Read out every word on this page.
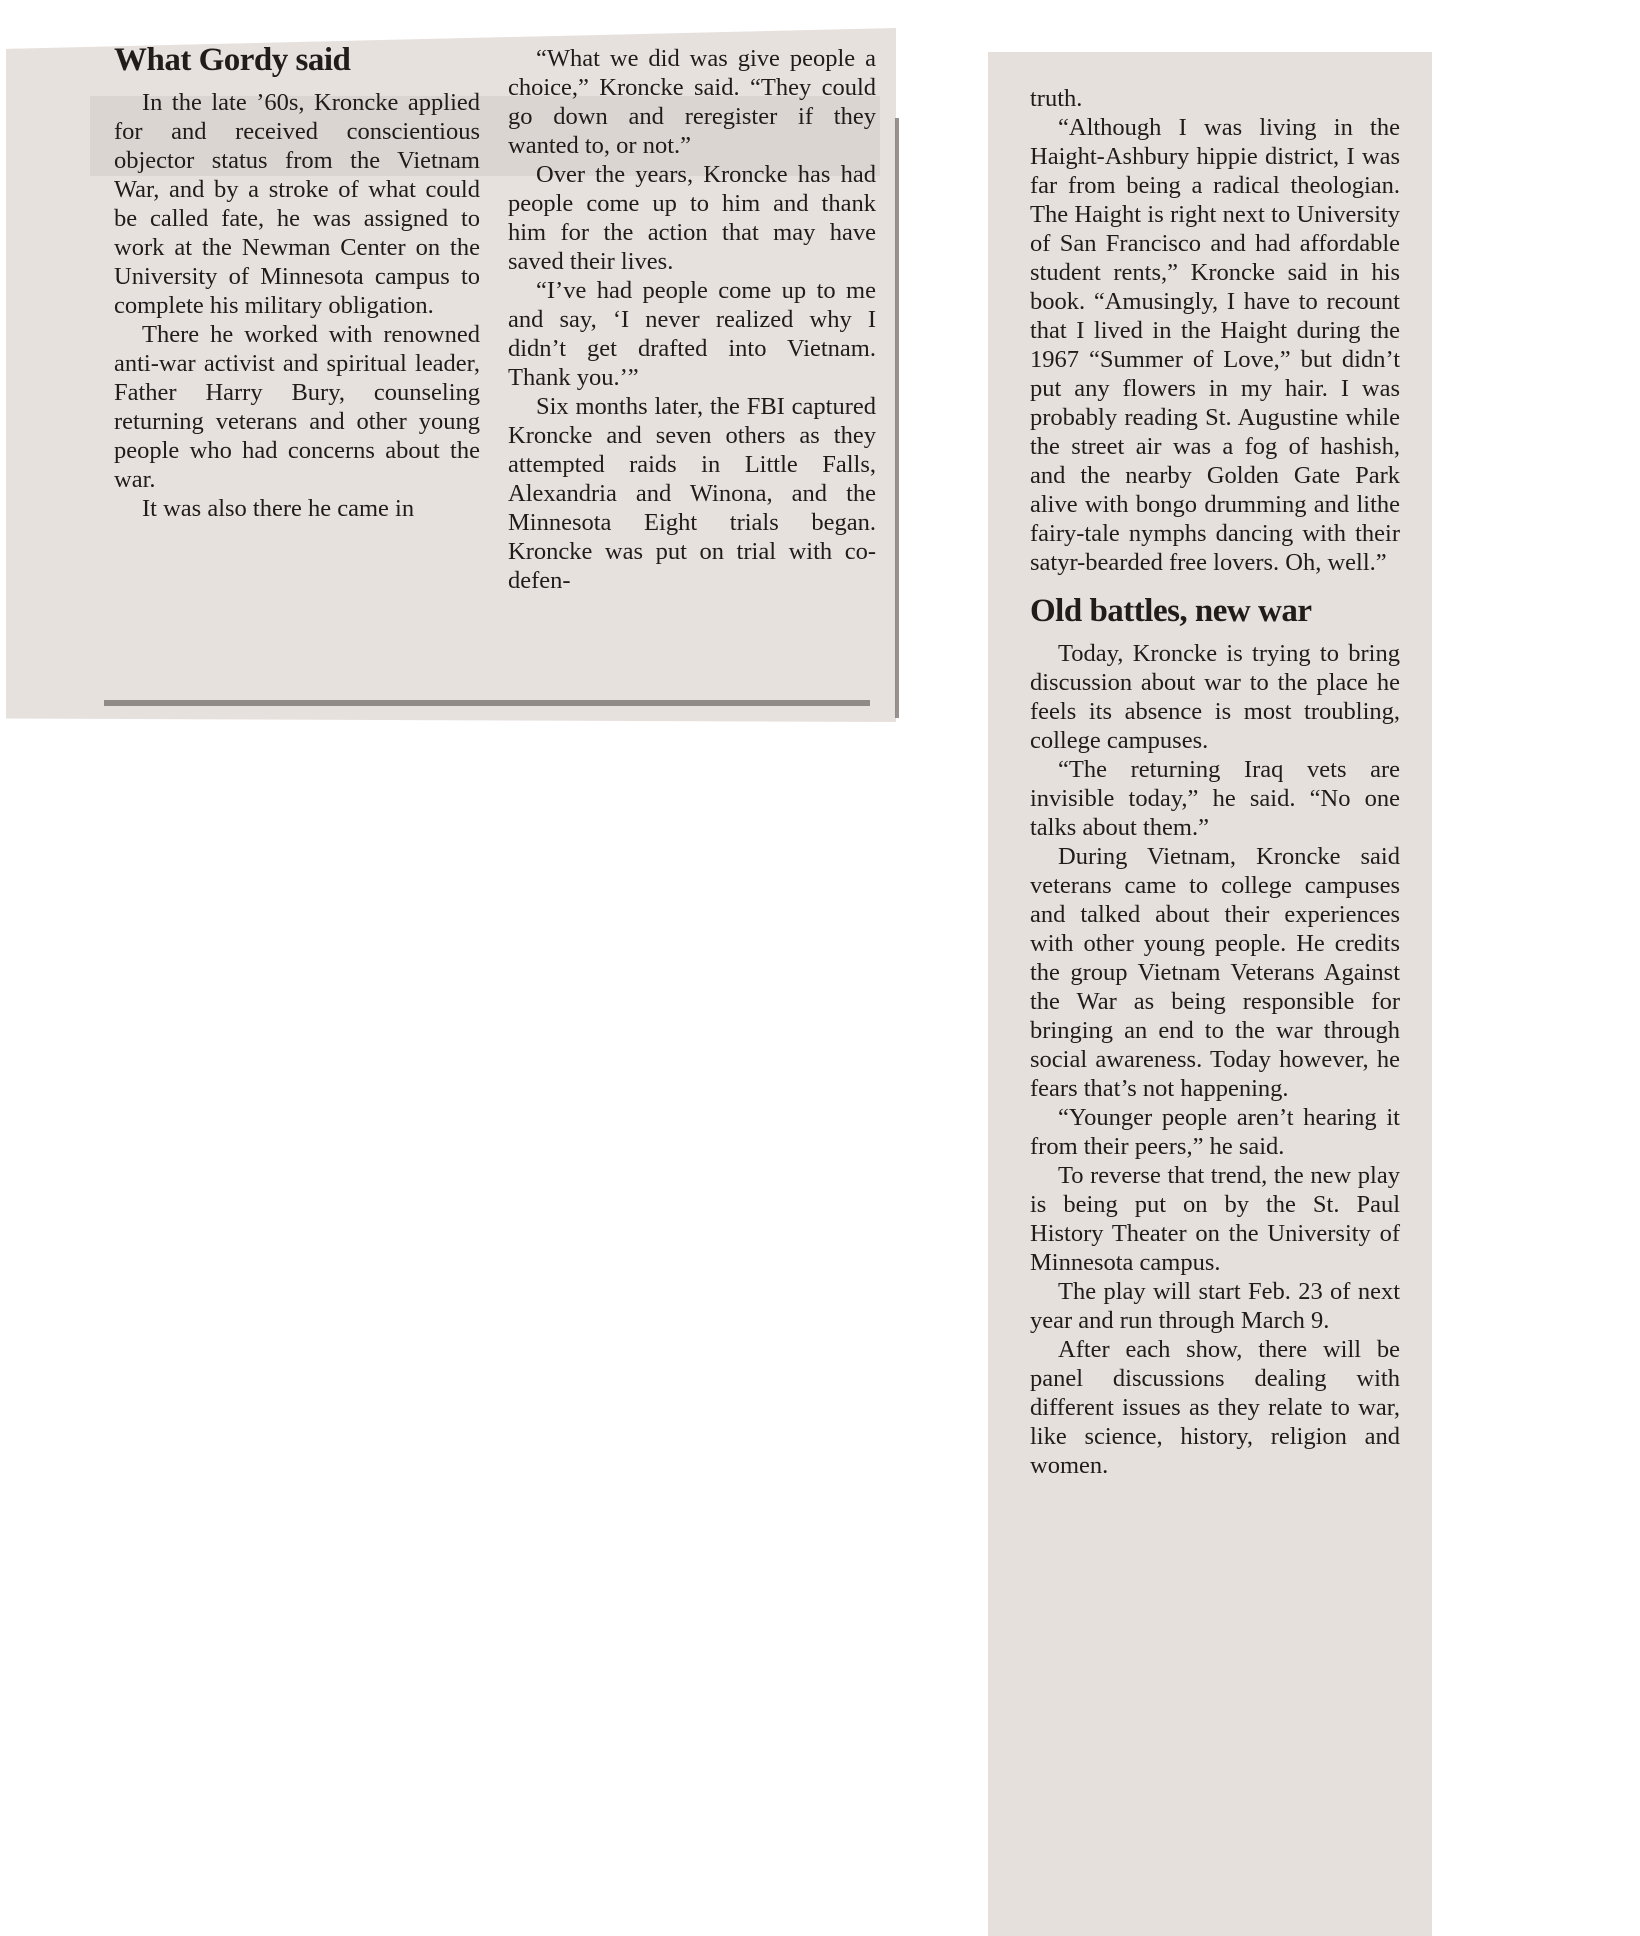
What Gordy said

In the late ’60s, Kroncke applied for and received conscientious objector status from the Vietnam War, and by a stroke of what could be called fate, he was assigned to work at the Newman Center on the University of Minnesota campus to complete his military obligation.

There he worked with renowned anti-war activist and spiritual leader, Father Harry Bury, counseling returning veterans and other young people who had concerns about the war.

It was also there he came in

“What we did was give people a choice,” Kroncke said. “They could go down and reregister if they wanted to, or not.”

Over the years, Kroncke has had people come up to him and thank him for the action that may have saved their lives.

“I’ve had people come up to me and say, ‘I never realized why I didn’t get drafted into Vietnam. Thank you.’”

Six months later, the FBI captured Kroncke and seven others as they attempted raids in Little Falls, Alexandria and Winona, and the Minnesota Eight trials began. Kroncke was put on trial with co-defen-

truth.

“Although I was living in the Haight-Ashbury hippie district, I was far from being a radical theologian. The Haight is right next to University of San Francisco and had affordable student rents,” Kroncke said in his book. “Amusingly, I have to recount that I lived in the Haight during the 1967 “Summer of Love,” but didn’t put any flowers in my hair. I was probably reading St. Augustine while the street air was a fog of hashish, and the nearby Golden Gate Park alive with bongo drumming and lithe fairy-tale nymphs dancing with their satyr-bearded free lovers. Oh, well.”

Old battles, new war

Today, Kroncke is trying to bring discussion about war to the place he feels its absence is most troubling, college campuses.

“The returning Iraq vets are invisible today,” he said. “No one talks about them.”

During Vietnam, Kroncke said veterans came to college campuses and talked about their experiences with other young people. He credits the group Vietnam Veterans Against the War as being responsible for bringing an end to the war through social awareness. Today however, he fears that’s not happening.

“Younger people aren’t hearing it from their peers,” he said.

To reverse that trend, the new play is being put on by the St. Paul History Theater on the University of Minnesota campus.

The play will start Feb. 23 of next year and run through March 9.

After each show, there will be panel discussions dealing with different issues as they relate to war, like science, history, religion and women.
